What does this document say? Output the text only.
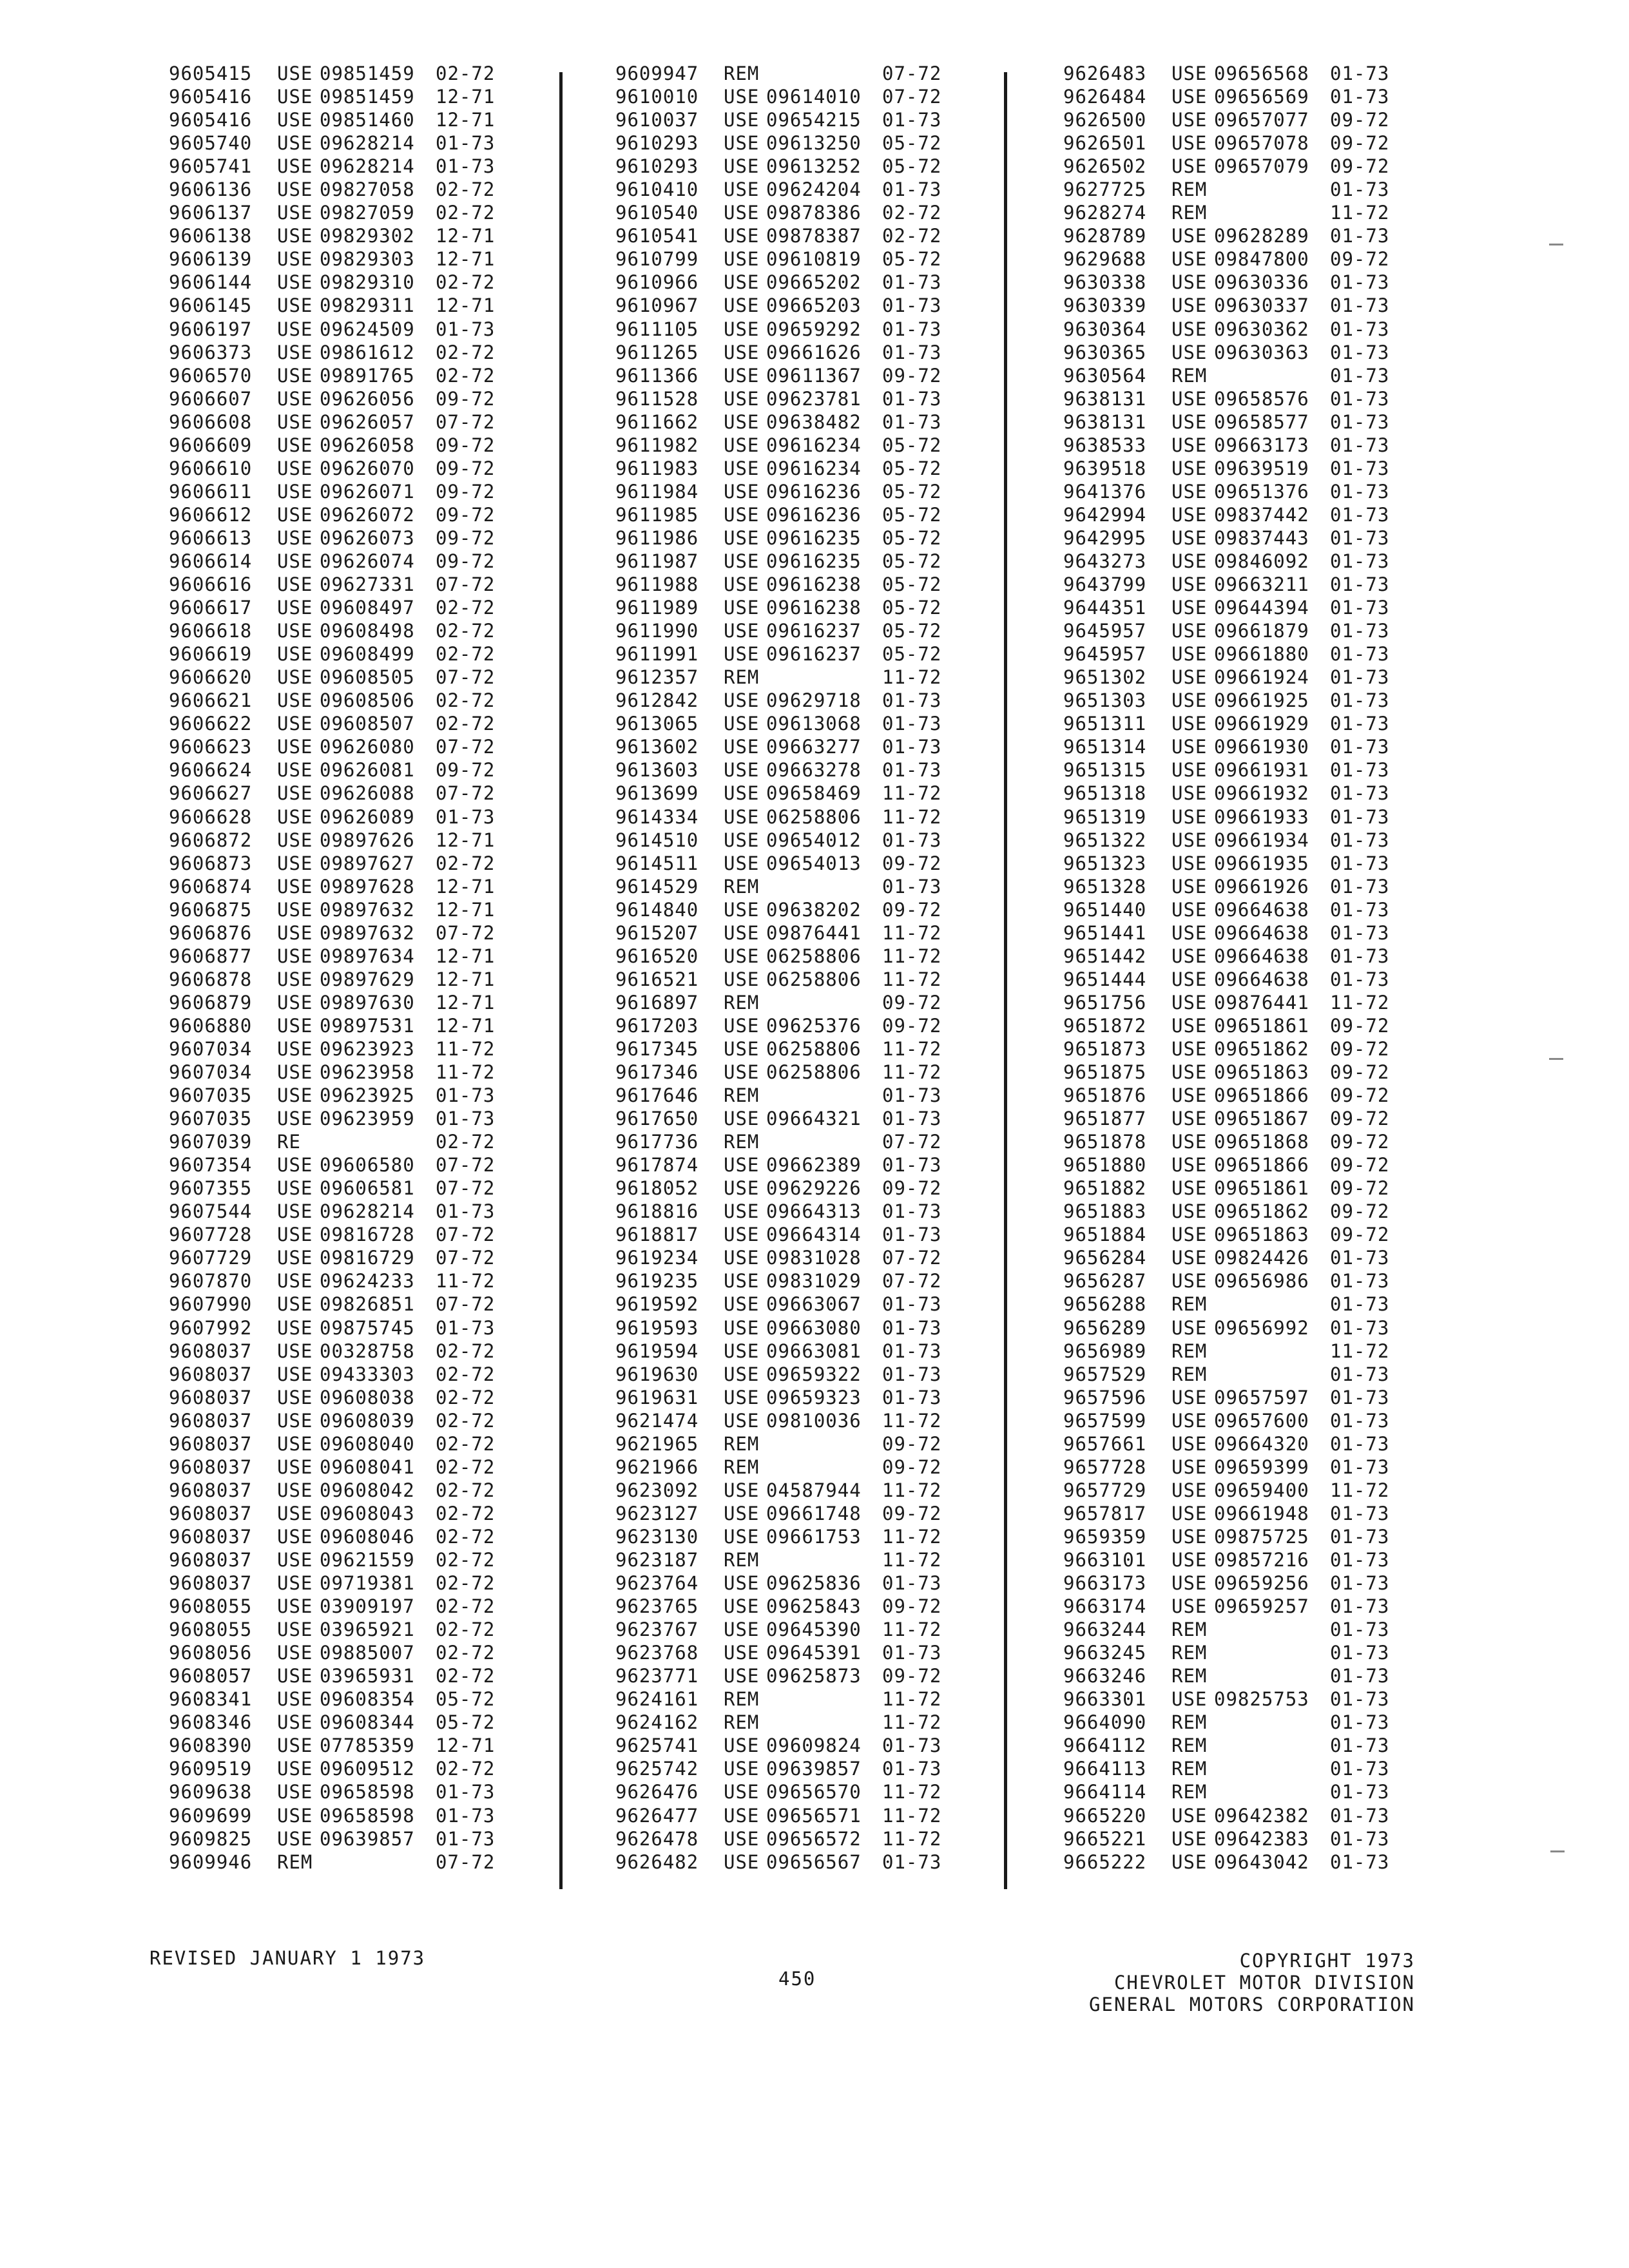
9605415 USE 09851459 02-72
9605416 USE 09851459 12-71
9605416 USE 09851460 12-71
9605740 USE 09628214 01-73
9605741 USE 09628214 01-73
9606136 USE 09827058 02-72
9606137 USE 09827059 02-72
9606138 USE 09829302 12-71
9606139 USE 09829303 12-71
9606144 USE 09829310 02-72
9606145 USE 09829311 12-71
9606197 USE 09624509 01-73
9606373 USE 09861612 02-72
9606570 USE 09891765 02-72
9606607 USE 09626056 09-72
9606608 USE 09626057 07-72
9606609 USE 09626058 09-72
9606610 USE 09626070 09-72
9606611 USE 09626071 09-72
9606612 USE 09626072 09-72
9606613 USE 09626073 09-72
9606614 USE 09626074 09-72
9606616 USE 09627331 07-72
9606617 USE 09608497 02-72
9606618 USE 09608498 02-72
9606619 USE 09608499 02-72
9606620 USE 09608505 07-72
9606621 USE 09608506 02-72
9606622 USE 09608507 02-72
9606623 USE 09626080 07-72
9606624 USE 09626081 09-72
9606627 USE 09626088 07-72
9606628 USE 09626089 01-73
9606872 USE 09897626 12-71
9606873 USE 09897627 02-72
9606874 USE 09897628 12-71
9606875 USE 09897632 12-71
9606876 USE 09897632 07-72
9606877 USE 09897634 12-71
9606878 USE 09897629 12-71
9606879 USE 09897630 12-71
9606880 USE 09897531 12-71
9607034 USE 09623923 11-72
9607034 USE 09623958 11-72
9607035 USE 09623925 01-73
9607035 USE 09623959 01-73
9607039 RE	02-72
9607354 USE 09606580 07-72
9607355 USE 09606581 07-72
9607544 USE 09628214 01-73
9607728 USE 09816728 07-72
9607729 USE 09816729 07-72
9607870 USE 09624233 11-72
9607990 USE 09826851 07-72
9607992 USE 09875745 01-73
9608037 USE 00328758 02-72
9608037 USE 09433303 02-72
9608037 USE 09608038 02-72
9608037 USE 09608039 02-72
9608037 USE 09608040 02-72
9608037 USE 09608041 02-72
9608037 USE 09608042 02-72
9608037 USE 09608043 02-72
9608037 USE 09608046 02-72
9608037 USE 09621559 02-72
9608037 USE 09719381 02-72
9608055 USE 03909197 02-72
9608055 USE 03965921 02-72
9608056 USE 09885007 02-72
9608057 USE 03965931 02-72
9608341 USE 09608354 05-72
9608346 USE 09608344 05-72
9608390 USE 07785359 12-71
9609519 USE 09609512 02-72
9609638 USE 09658598 01-73
9609699 USE 09658598 01-73
9609825 USE 09639857 01-73
9609946 REM	07-72
9609947 REM	07-72
9610010 USE 09614010 07-72
9610037 USE 09654215 01-73
9610293 USE 09613250 05-72
9610293 USE 09613252 05-72
9610410 USE 09624204 01-73
9610540 USE 09878386 02-72
9610541 USE 09878387 02-72
9610799 USE 09610819 05-72
9610966 USE 09665202 01-73
9610967 USE 09665203 01-73
9611105 USE 09659292 01-73
9611265 USE 09661626 01-73
9611366 USE 09611367 09-72
9611528 USE 09623781 01-73
9611662 USE 09638482 01-73
9611982 USE 09616234 05-72
9611983 USE 09616234 05-72
9611984 USE 09616236 05-72
9611985 USE 09616236 05-72
9611986 USE 09616235 05-72
9611987 USE 09616235 05-72
9611988 USE 09616238 05-72
9611989 USE 09616238 05-72
9611990 USE 09616237 05-72
9611991 USE 09616237 05-72
9612357 REM	11-72
9612842 USE 09629718 01-73
9613065 USE 09613068 01-73
9613602 USE 09663277 01-73
9613603 USE 09663278 01-73
9613699 USE 09658469 11-72
9614334 USE 06258806 11-72
9614510 USE 09654012 01-73
9614511 USE 09654013 09-72
9614529 REM	01-73
9614840 USE 09638202 09-72
9615207 USE 09876441 11-72
9616520 USE 06258806 11-72
9616521 USE 06258806 11-72
9616897 REM	09-72
9617203 USE 09625376 09-72
9617345 USE 06258806 11-72
9617346 USE 06258806 11-72
9617646 REM	01-73
9617650 USE 09664321 01-73
9617736 REM	07-72
9617874 USE 09662389 01-73
9618052 USE 09629226 09-72
9618816 USE 09664313 01-73
9618817 USE 09664314 01-73
9619234 USE 09831028 07-72
9619235 USE 09831029 07-72
9619592 USE 09663067 01-73
9619593 USE 09663080 01-73
9619594 USE 09663081 01-73
9619630 USE 09659322 01-73
9619631 USE 09659323 01-73
9621474 USE 09810036 11-72
9621965 REM	09-72
9621966 REM	09-72
9623092 USE 04587944 11-72
9623127 USE 09661748 09-72
9623130 USE 09661753 11-72
9623187 REM	11-72
9623764 USE 09625836 01-73
9623765 USE 09625843 09-72
9623767 USE 09645390 11-72
9623768 USE 09645391 01-73
9623771 USE 09625873 09-72
9624161 REM	11-72
9624162 REM	11-72
9625741 USE 09609824 01-73
9625742 USE 09639857 01-73
9626476 USE 09656570 11-72
9626477 USE 09656571 11-72
9626478 USE 09656572 11-72
9626482 USE 09656567 01-73
9626483 USE 09656568 01-73
9626484 USE 09656569 01-73
9626500 USE 09657077 09-72
9626501 USE 09657078 09-72
9626502 USE 09657079 09-72
9627725 REM	01-73
9628274 REM	11-72
9628789 USE 09628289 01-73
9629688 USE 09847800 09-72
9630338 USE 09630336 01-73
9630339 USE 09630337 01-73
9630364 USE 09630362 01-73
9630365 USE 09630363 01-73
9630564 REM	01-73
9638131 USE 09658576 01-73
9638131 USE 09658577 01-73
9638533 USE 09663173 01-73
9639518 USE 09639519 01-73
9641376 USE 09651376 01-73
9642994 USE 09837442 01-73
9642995 USE 09837443 01-73
9643273 USE 09846092 01-73
9643799 USE 09663211 01-73
9644351 USE 09644394 01-73
9645957 USE 09661879 01-73
9645957 USE 09661880 01-73
9651302 USE 09661924 01-73
9651303 USE 09661925 01-73
9651311 USE 09661929 01-73
9651314 USE 09661930 01-73
9651315 USE 09661931 01-73
9651318 USE 09661932 01-73
9651319 USE 09661933 01-73
9651322 USE 09661934 01-73
9651323 USE 09661935 01-73
9651328 USE 09661926 01-73
9651440 USE 09664638 01-73
9651441 USE 09664638 01-73
9651442 USE 09664638 01-73
9651444 USE 09664638 01-73
9651756 USE 09876441 11-72
9651872 USE 09651861 09-72
9651873 USE 09651862 09-72
9651875 USE 09651863 09-72
9651876 USE 09651866 09-72
9651877 USE 09651867 09-72
9651878 USE 09651868 09-72
9651880 USE 09651866 09-72
9651882 USE 09651861 09-72
9651883 USE 09651862 09-72
9651884 USE 09651863 09-72
9656284 USE 09824426 01-73
9656287 USE 09656986 01-73
9656288 REM	01-73
9656289 USE 09656992 01-73
9656989 REM	11-72
9657529 REM	01-73
9657596 USE 09657597 01-73
9657599 USE 09657600 01-73
9657661 USE 09664320 01-73
9657728 USE 09659399 01-73
9657729 USE 09659400 11-72
9657817 USE 09661948 01-73
9659359 USE 09875725 01-73
9663101 USE 09857216 01-73
9663173 USE 09659256 01-73
9663174 USE 09659257 01-73
9663244 REM	01-73
9663245 REM	01-73
9663246 REM	01-73
9663301 USE 09825753 01-73
9664090 REM	01-73
9664112 REM	01-73
9664113 REM	01-73
9664114 REM	01-73
9665220 USE 09642382 01-73
9665221 USE 09642383 01-73
9665222 USE 09643042 01-73
REVISED JANUARY 1 1973
450
COPYRIGHT 1973
CHEVROLET MOTOR DIVISION
GENERAL MOTORS CORPORATION
